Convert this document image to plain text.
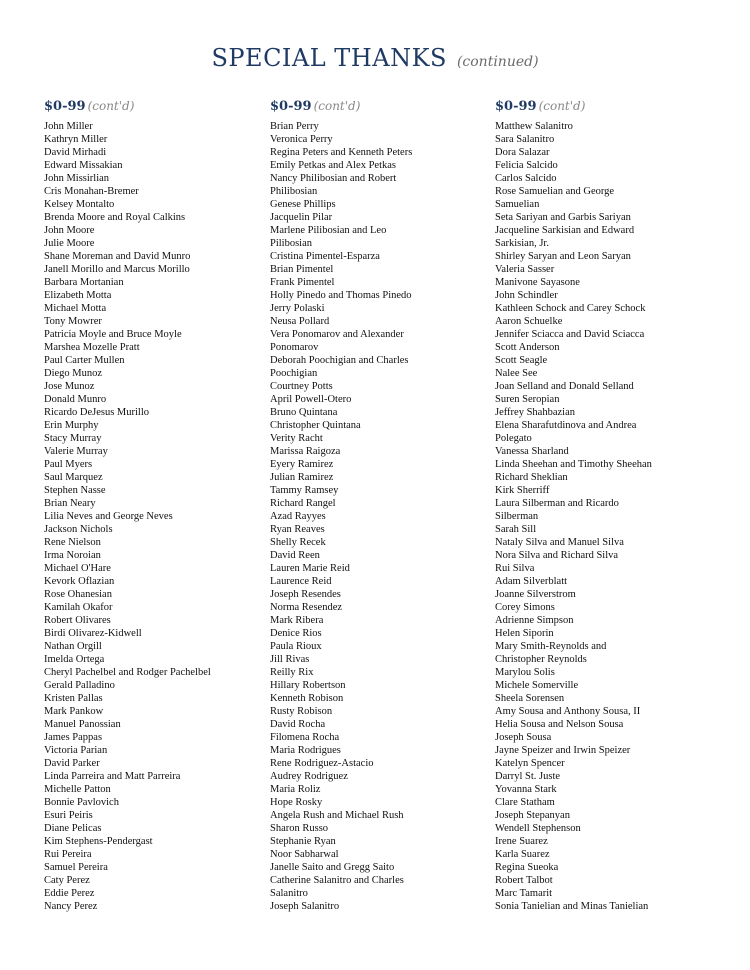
SPECIAL THANKS (continued)
$0-99 (cont'd)
John Miller
Kathryn Miller
David Mirhadi
Edward Missakian
John Missirlian
Cris Monahan-Bremer
Kelsey Montalto
Brenda Moore and Royal Calkins
John Moore
Julie Moore
Shane Moreman and David Munro
Janell Morillo and Marcus Morillo
Barbara Mortanian
Elizabeth Motta
Michael Motta
Tony Mowrer
Patricia Moyle and Bruce Moyle
Marshea Mozelle Pratt
Paul Carter Mullen
Diego Munoz
Jose Munoz
Donald Munro
Ricardo DeJesus Murillo
Erin Murphy
Stacy Murray
Valerie Murray
Paul Myers
Saul Marquez
Stephen Nasse
Brian Neary
Lilia Neves and George Neves
Jackson Nichols
Rene Nielson
Irma Noroian
Michael O'Hare
Kevork Oflazian
Rose Ohanesian
Kamilah Okafor
Robert Olivares
Birdi Olivarez-Kidwell
Nathan Orgill
Imelda Ortega
Cheryl Pachelbel and Rodger Pachelbel
Gerald Palladino
Kristen Pallas
Mark Pankow
Manuel Panossian
James Pappas
Victoria Parian
David Parker
Linda Parreira and Matt Parreira
Michelle Patton
Bonnie Pavlovich
Esuri Peiris
Diane Pelicas
Kim Stephens-Pendergast
Rui Pereira
Samuel Pereira
Caty Perez
Eddie Perez
Nancy Perez
$0-99 (cont'd)
Brian Perry
Veronica Perry
Regina Peters and Kenneth Peters
Emily Petkas and Alex Petkas
Nancy Philibosian and Robert
Philibosian
Genese Phillips
Jacquelin Pilar
Marlene Pilibosian and Leo
Pilibosian
Cristina Pimentel-Esparza
Brian Pimentel
Frank Pimentel
Holly Pinedo and Thomas Pinedo
Jerry Polaski
Neusa Pollard
Vera Ponomarov and Alexander
Ponomarov
Deborah Poochigian and Charles
Poochigian
Courtney Potts
April Powell-Otero
Bruno Quintana
Christopher Quintana
Verity Racht
Marissa Raigoza
Eyery Ramirez
Julian Ramirez
Tammy Ramsey
Richard Rangel
Azad Rayyes
Ryan Reaves
Shelly Recek
David Reen
Lauren Marie Reid
Laurence Reid
Joseph Resendes
Norma Resendez
Mark Ribera
Denice Rios
Paula Rioux
Jill Rivas
Reilly Rix
Hillary Robertson
Kenneth Robison
Rusty Robison
David Rocha
Filomena Rocha
Maria Rodrigues
Rene Rodriguez-Astacio
Audrey Rodriguez
Maria Roliz
Hope Rosky
Angela Rush and Michael Rush
Sharon Russo
Stephanie Ryan
Noor Sabharwal
Janelle Saito and Gregg Saito
Catherine Salanitro and Charles
Salanitro
Joseph Salanitro
$0-99 (cont'd)
Matthew Salanitro
Sara Salanitro
Dora Salazar
Felicia Salcido
Carlos Salcido
Rose Samuelian and George
Samuelian
Seta Sariyan and Garbis Sariyan
Jacqueline Sarkisian and Edward
Sarkisian, Jr.
Shirley Saryan and Leon Saryan
Valeria Sasser
Manivone Sayasone
John Schindler
Kathleen Schock and Carey Schock
Aaron Schuelke
Jennifer Sciacca and David Sciacca
Scott Anderson
Scott Seagle
Nalee See
Joan Selland and Donald Selland
Suren Seropian
Jeffrey Shahbazian
Elena Sharafutdinova and Andrea
Polegato
Vanessa Sharland
Linda Sheehan and Timothy Sheehan
Richard Sheklian
Kirk Sherriff
Laura Silberman and Ricardo
Silberman
Sarah Sill
Nataly Silva and Manuel Silva
Nora Silva and Richard Silva
Rui Silva
Adam Silverblatt
Joanne Silverstrom
Corey Simons
Adrienne Simpson
Helen Siporin
Mary Smith-Reynolds and
Christopher Reynolds
Marylou Solis
Michele Somerville
Sheela Sorensen
Amy Sousa and Anthony Sousa, II
Helia Sousa and Nelson Sousa
Joseph Sousa
Jayne Speizer and Irwin Speizer
Katelyn Spencer
Darryl St. Juste
Yovanna Stark
Clare Statham
Joseph Stepanyan
Wendell Stephenson
Irene Suarez
Karla Suarez
Regina Sueoka
Robert Talbot
Marc Tamarit
Sonia Tanielian and Minas Tanielian
